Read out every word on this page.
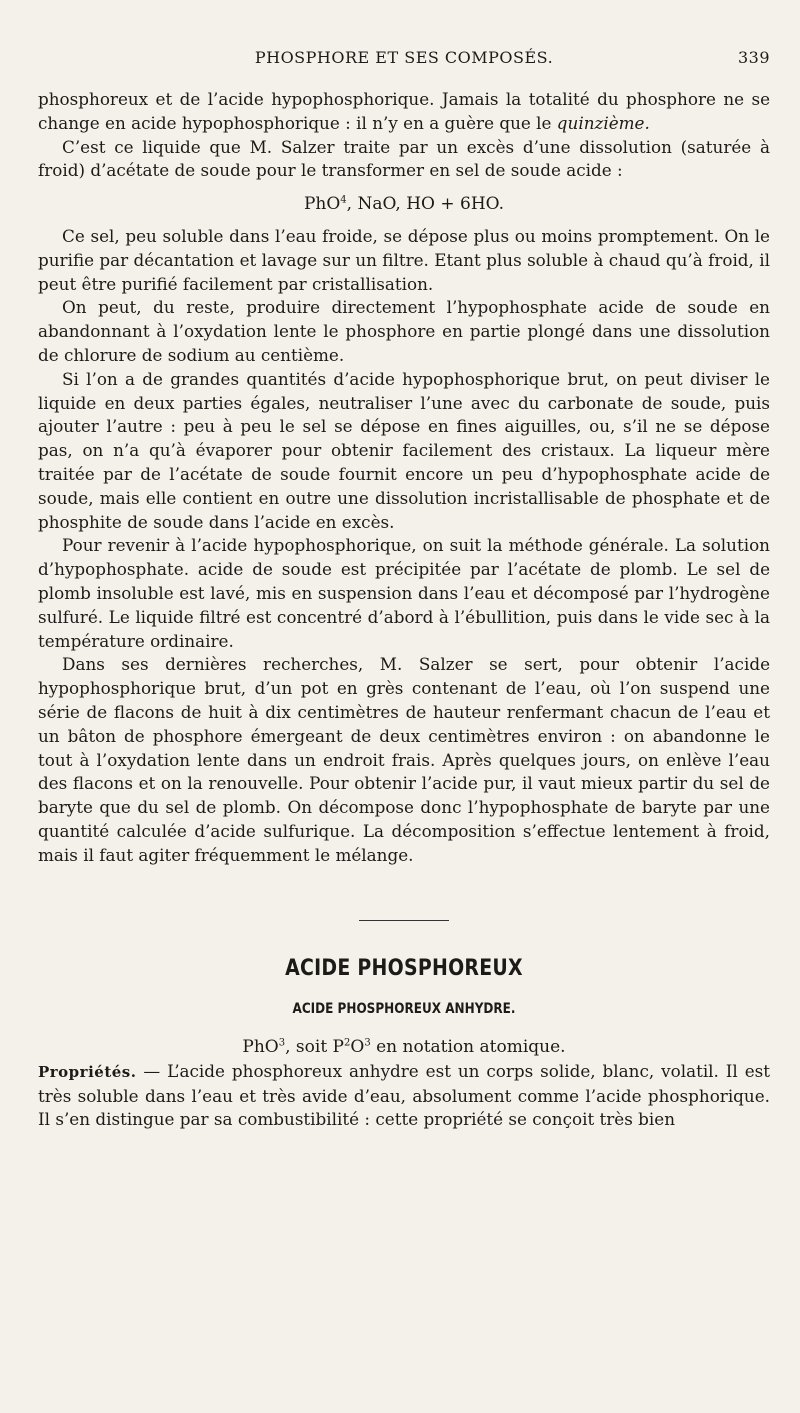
PHOSPHORE ET SES COMPOSÉS.	339

phosphoreux et de l’acide hypophosphorique. Jamais la totalité du phosphore ne se change en acide hypophosphorique : il n’y en a guère que le quinzième.

C’est ce liquide que M. Salzer traite par un excès d’une dissolution (saturée à froid) d’acétate de soude pour le transformer en sel de soude acide :

PhO$^4$, NaO, HO + 6HO.

Ce sel, peu soluble dans l’eau froide, se dépose plus ou moins promptement. On le purifie par décantation et lavage sur un filtre. Etant plus soluble à chaud qu’à froid, il peut être purifié facilement par cristallisation.

On peut, du reste, produire directement l’hypophosphate acide de soude en abandonnant à l’oxydation lente le phosphore en partie plongé dans une dissolution de chlorure de sodium au centième.

Si l’on a de grandes quantités d’acide hypophosphorique brut, on peut diviser le liquide en deux parties égales, neutraliser l’une avec du carbonate de soude, puis ajouter l’autre : peu à peu le sel se dépose en fines aiguilles, ou, s’il ne se dépose pas, on n’a qu’à évaporer pour obtenir facilement des cristaux. La liqueur mère traitée par de l’acétate de soude fournit encore un peu d’hypophosphate acide de soude, mais elle contient en outre une dissolution incristallisable de phosphate et de phosphite de soude dans l’acide en excès.

Pour revenir à l’acide hypophosphorique, on suit la méthode générale. La solution d’hypophosphate. acide de soude est précipitée par l’acétate de plomb. Le sel de plomb insoluble est lavé, mis en suspension dans l’eau et décomposé par l’hydrogène sulfuré. Le liquide filtré est concentré d’abord à l’ébullition, puis dans le vide sec à la température ordinaire.

Dans ses dernières recherches, M. Salzer se sert, pour obtenir l’acide hypophosphorique brut, d’un pot en grès contenant de l’eau, où l’on suspend une série de flacons de huit à dix centimètres de hauteur renfermant chacun de l’eau et un bâton de phosphore émergeant de deux centimètres environ : on abandonne le tout à l’oxydation lente dans un endroit frais. Après quelques jours, on enlève l’eau des flacons et on la renouvelle. Pour obtenir l’acide pur, il vaut mieux partir du sel de baryte que du sel de plomb. On décompose donc l’hypophosphate de baryte par une quantité calculée d’acide sulfurique. La décomposition s’effectue lentement à froid, mais il faut agiter fréquemment le mélange.

ACIDE PHOSPHOREUX
ACIDE PHOSPHOREUX ANHYDRE.
PhO$^3$, soit $P^2O^3$ en notation atomique.

Propriétés. — L’acide phosphoreux anhydre est un corps solide, blanc, volatil. Il est très soluble dans l’eau et très avide d’eau, absolument comme l’acide phosphorique. Il s’en distingue par sa combustibilité : cette propriété se conçoit très bien
